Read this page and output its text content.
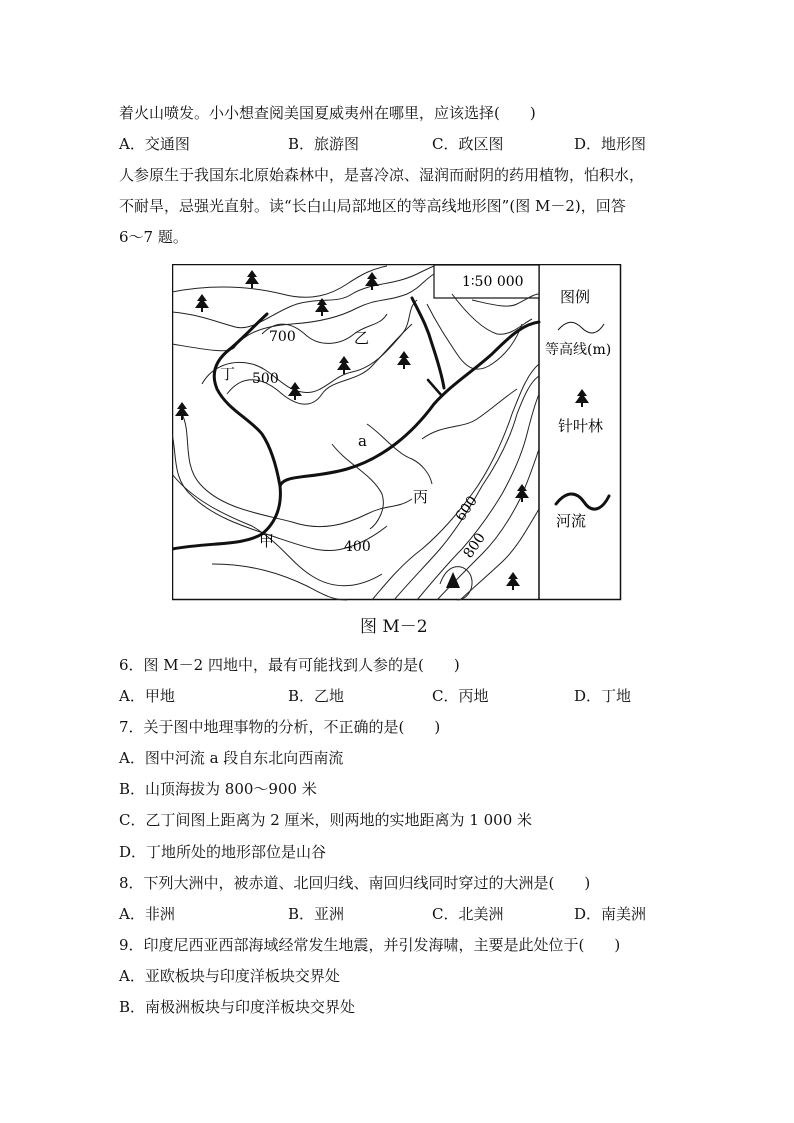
着火山喷发。小小想查阅美国夏威夷州在哪里，应该选择(　　)
A．交通图	B．旅游图	C．政区图	D．地形图
人参原生于我国东北原始森林中，是喜冷凉、湿润而耐阴的药用植物，怕积水，
不耐旱，忌强光直射。读“长白山局部地区的等高线地形图”(图 M－2)，回答
6～7 题。
1∶50 000
700
500
400
600
800
乙
丁
a
丙
甲
图例
等高线(m)
针叶林
河流
图 M－2
6．图 M－2 四地中，最有可能找到人参的是(　　)
A．甲地	B．乙地	C．丙地	D．丁地
7．关于图中地理事物的分析，不正确的是(　　)
A．图中河流 a 段自东北向西南流
B．山顶海拔为 800～900 米
C．乙丁间图上距离为 2 厘米，则两地的实地距离为 1 000 米
D．丁地所处的地形部位是山谷
8．下列大洲中，被赤道、北回归线、南回归线同时穿过的大洲是(　　)
A．非洲	B．亚洲	C．北美洲	D．南美洲
9．印度尼西亚西部海域经常发生地震，并引发海啸，主要是此处位于(　　)
A．亚欧板块与印度洋板块交界处
B．南极洲板块与印度洋板块交界处
